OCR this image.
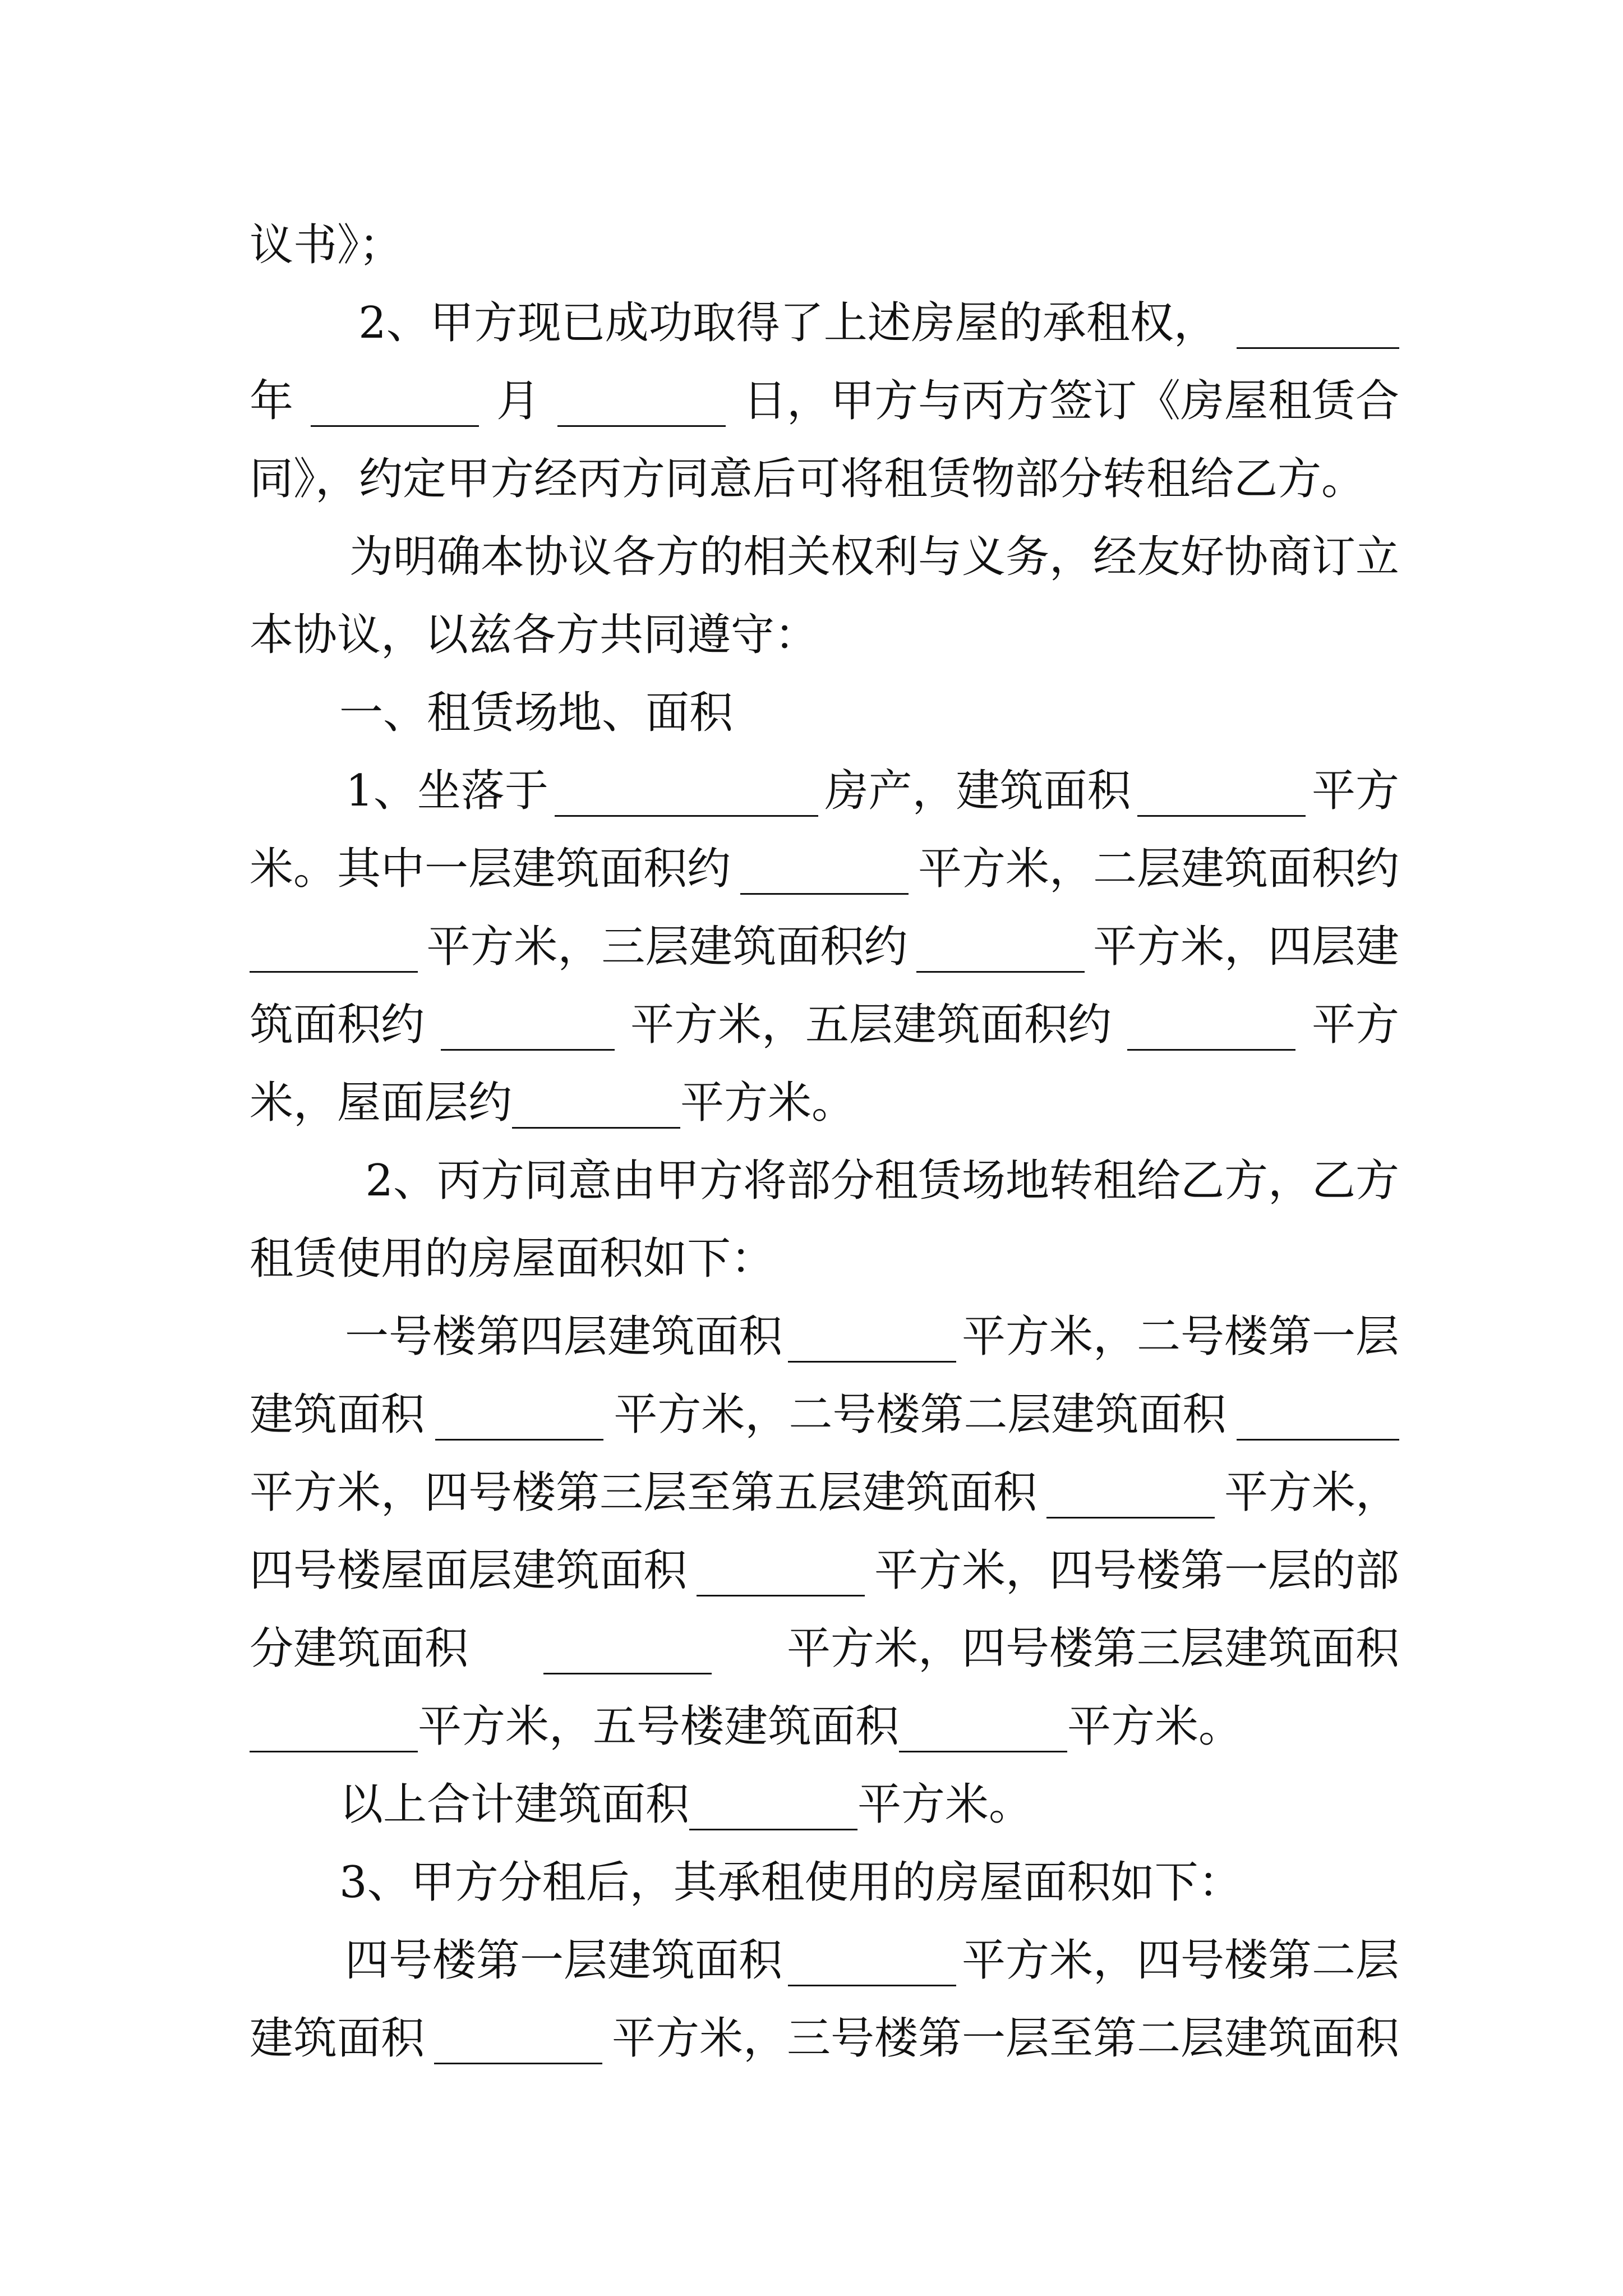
议书》；
2、甲方现已成功取得了上述房屋的承租权，
年	月	日，甲方与丙方签订《房屋租赁合
同》，约定甲方经丙方同意后可将租赁物部分转租给乙方。
为明确本协议各方的相关权利与义务，经友好协商订立
本协议，以兹各方共同遵守：
一、租赁场地、面积
1、坐落于	房产，建筑面积	平方
米。其中一层建筑面积约	平方米，二层建筑面积约
平方米，三层建筑面积约	平方米，四层建
筑面积约	平方米，五层建筑面积约	平方
米，屋面层约	平方米。
2、丙方同意由甲方将部分租赁场地转租给乙方，乙方
租赁使用的房屋面积如下：
一号楼第四层建筑面积	平方米，二号楼第一层
建筑面积	平方米，二号楼第二层建筑面积
平方米，四号楼第三层至第五层建筑面积	平方米，
四号楼屋面层建筑面积	平方米，四号楼第一层的部
分建筑面积	平方米，四号楼第三层建筑面积
平方米，五号楼建筑面积	平方米。
以上合计建筑面积	平方米。
3、甲方分租后，其承租使用的房屋面积如下：
四号楼第一层建筑面积	平方米，四号楼第二层
建筑面积	平方米，三号楼第一层至第二层建筑面积
